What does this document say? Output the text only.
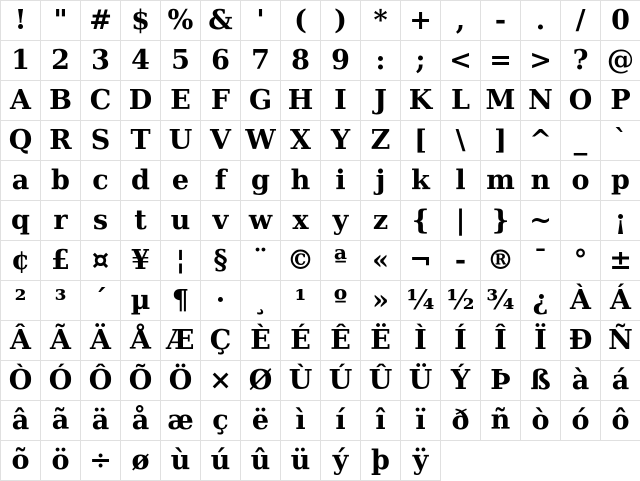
!	" # $ % & '	(	) * + ,	-	.	/ 0
1 2 3 4 5 6 7 8 9 :	; < = > ? @
A B C D E F G H I	J K L M N O P
Q R S T U V W X Y Z [	\	] ^ _ `
a b c d e f g h i	j k l m n o p
q r s t u v w x y z { | } ~	¡
¢ £ ¤ ¥ ¦	§ ¨ © ª « ¬ - ® ¯ ° ±
²	³	´ µ ¶ ·	¸	¹	º » ¼ ½ ¾ ¿ À Á
Â Ã Ä Å Æ Ç È É Ê Ë Ì	Í	Î	Ï Ð Ñ
Ò Ó Ô Õ Ö × Ø Ù Ú Û Ü Ý Þ ß à á
â ã ä å æ ç ë ì	í	î	ï ð ñ ò ó ô
õ ö ÷ ø ù ú û ü ý þ ÿ
